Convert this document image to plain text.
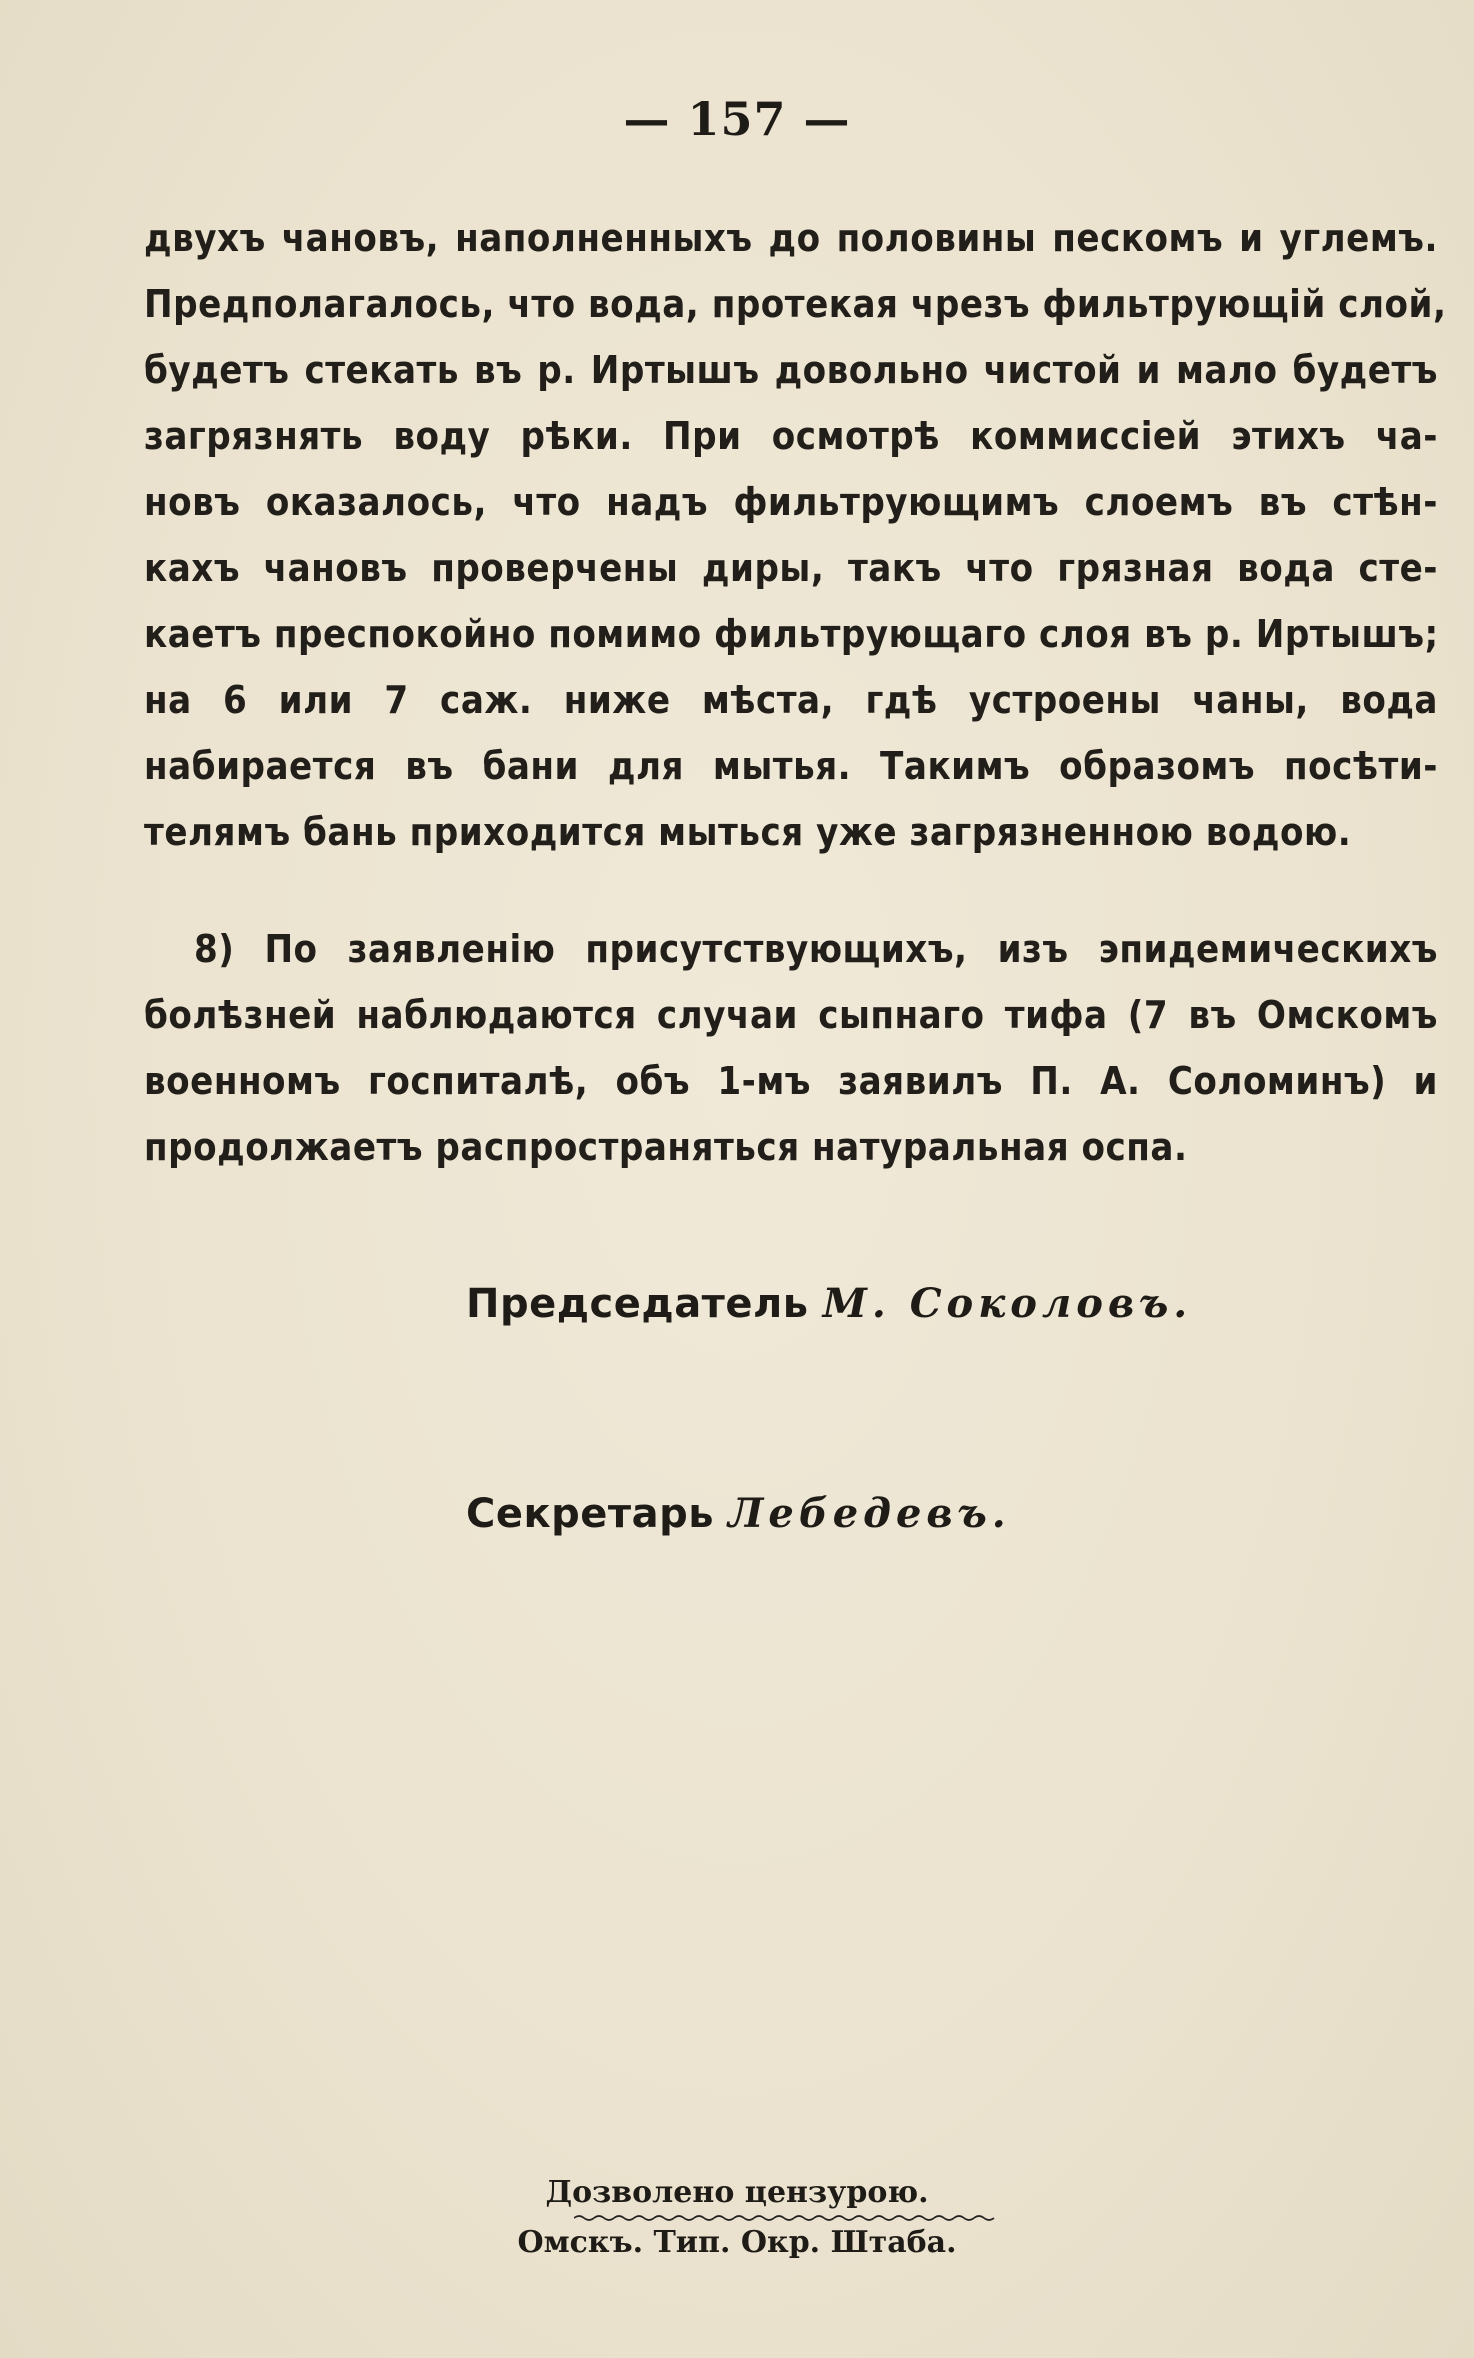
— 157 —
двухъ чановъ, наполненныхъ до половины пескомъ и углемъ.
Предполагалось, что вода, протекая чрезъ фильтрующій слой,
будетъ стекать въ р. Иртышъ довольно чистой и мало будетъ
загрязнять воду рѣки. При осмотрѣ коммиссіей этихъ ча-
новъ оказалось, что надъ фильтрующимъ слоемъ въ стѣн-
кахъ чановъ проверчены диры, такъ что грязная вода сте-
каетъ преспокойно помимо фильтрующаго слоя въ р. Иртышъ;
на 6 или 7 саж. ниже мѣста, гдѣ устроены чаны, вода
набирается въ бани для мытья. Такимъ образомъ посѣти-
телямъ бань приходится мыться уже загрязненною водою.
8) По заявленію присутствующихъ, изъ эпидемическихъ
болѣзней наблюдаются случаи сыпнаго тифа (7 въ Омскомъ
военномъ госпиталѣ, объ 1-мъ заявилъ П. А. Соломинъ) и
продолжаетъ распространяться натуральная оспа.
Председатель М. Соколовъ.
Секретарь Лебедевъ.
Дозволено цензурою.
Омскъ. Тип. Окр. Штаба.
